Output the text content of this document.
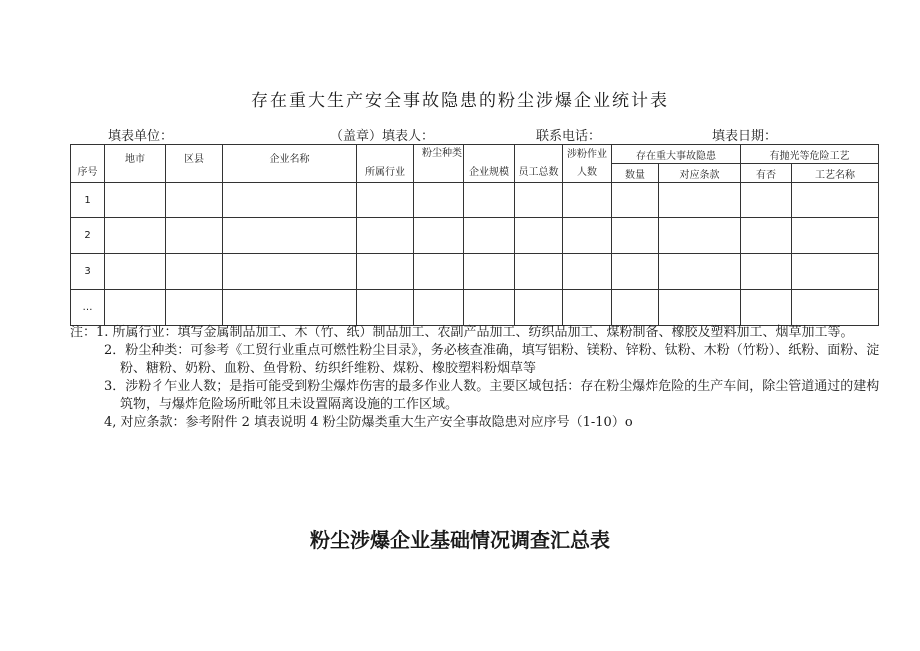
存在重大生产安全事故隐患的粉尘涉爆企业统计表
填表单位：	（盖章）填表人：	联系电话：	填表日期：
序号	地市	区县	企业名称	所属行业	粉尘种类	企业规模	员工总数	涉粉作业人数	存在重大事故隐患		有抛光等危险工艺	
									数量	对应条款	有否	工艺名称
1												
2												
3												
…												

注：1. 所属行业：填写金属制品加工、木（竹、纸）制品加工、农副产品加工、纺织品加工、煤粉制备、橡胶及塑料加工、烟草加工等。

2．粉尘种类：可参考《工贸行业重点可燃性粉尘目录》，务必核查准确，填写铝粉、镁粉、锌粉、钛粉、木粉（竹粉）、纸粉、面粉、淀粉、糖粉、奶粉、血粉、鱼骨粉、纺织纤维粉、煤粉、橡胶塑料粉烟草等

3．涉粉彳乍业人数；是指可能受到粉尘爆炸伤害的最多作业人数。主要区域包括：存在粉尘爆炸危险的生产车间，除尘管道通过的建构筑物，与爆炸危险场所毗邻且未设置隔离设施的工作区域。

4, 对应条款：参考附件 2 填表说明 4 粉尘防爆类重大生产安全事故隐患对应序号（1-10）o

粉尘涉爆企业基础情况调查汇总表
